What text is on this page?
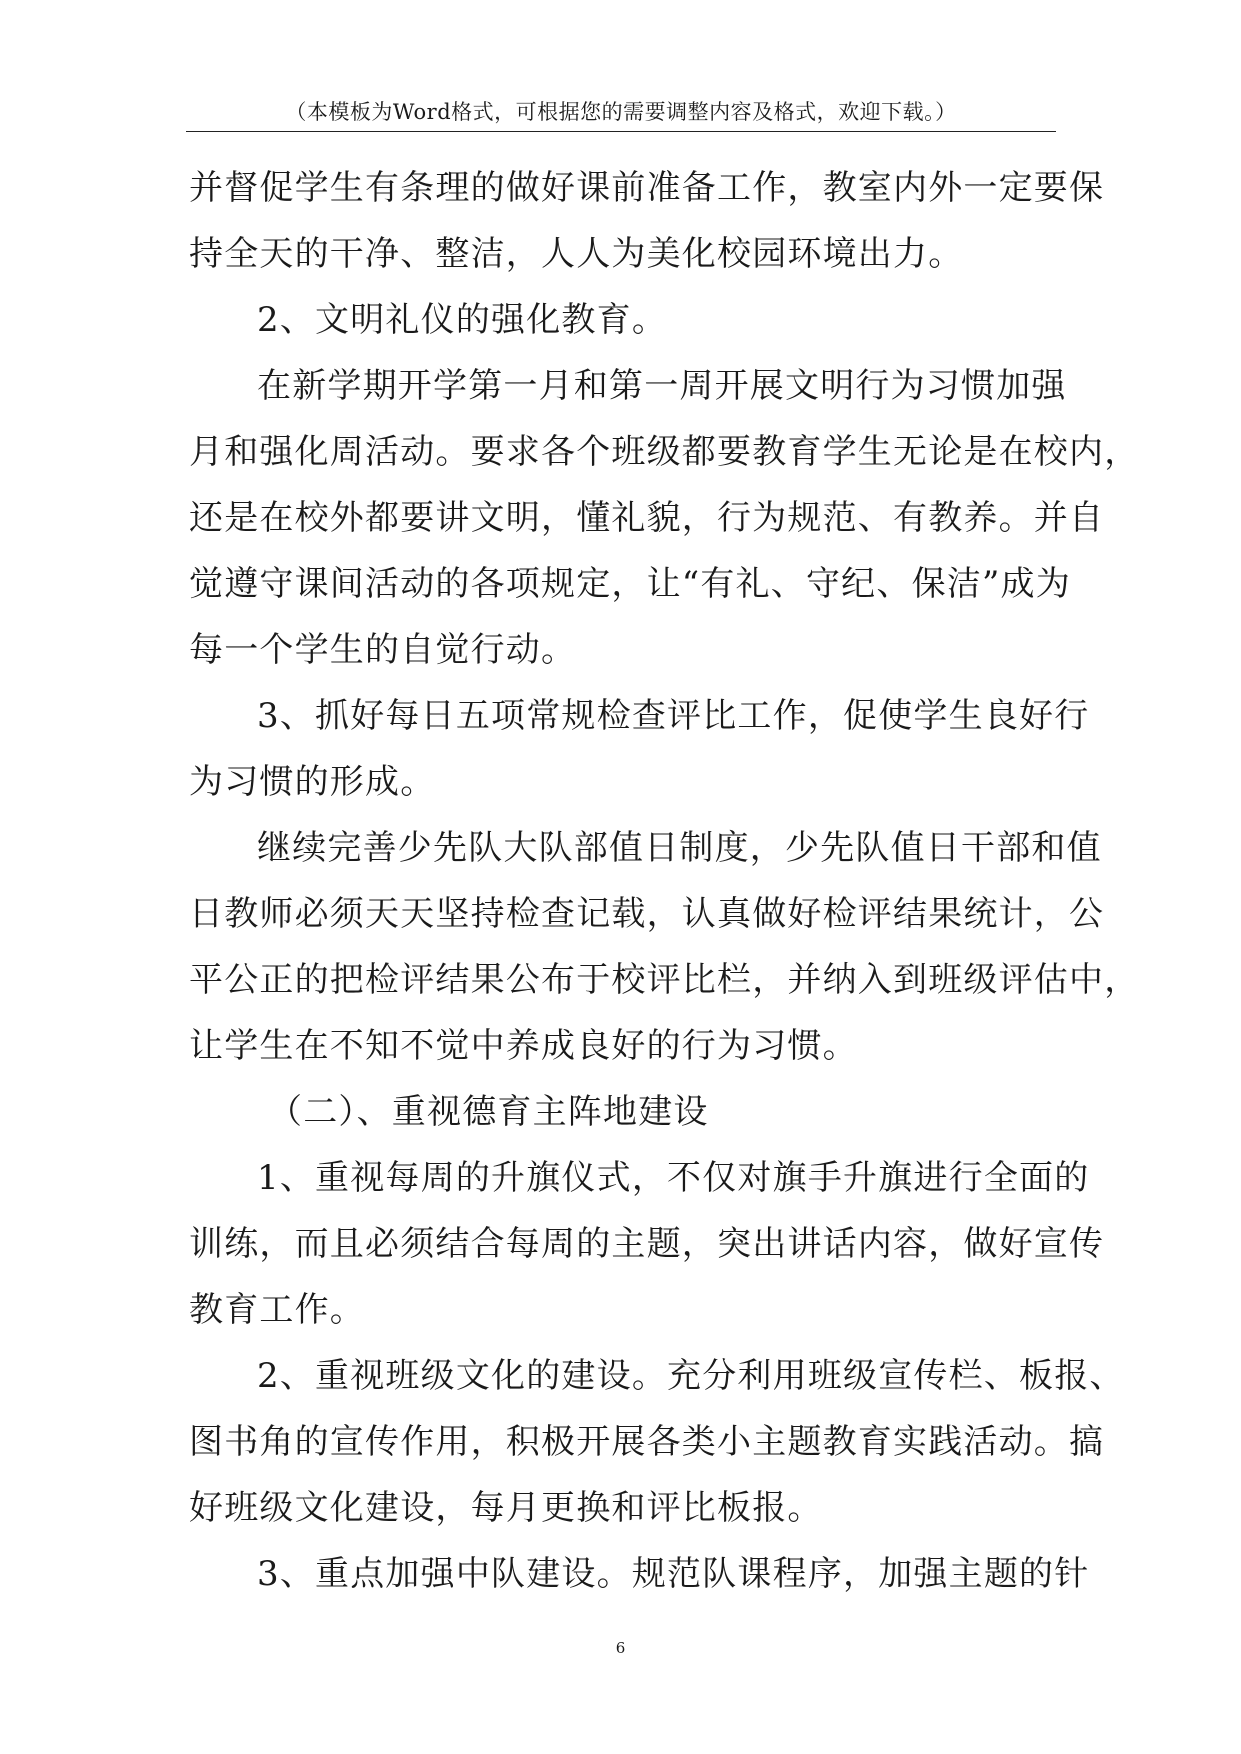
（本模板为Word格式，可根据您的需要调整内容及格式，欢迎下载。）
并督促学生有条理的做好课前准备工作，教室内外一定要保
持全天的干净、整洁，人人为美化校园环境出力。
2、文明礼仪的强化教育。
在新学期开学第一月和第一周开展文明行为习惯加强
月和强化周活动。要求各个班级都要教育学生无论是在校内，
还是在校外都要讲文明，懂礼貌，行为规范、有教养。并自
觉遵守课间活动的各项规定，让“有礼、守纪、保洁”成为
每一个学生的自觉行动。
3、抓好每日五项常规检查评比工作，促使学生良好行
为习惯的形成。
继续完善少先队大队部值日制度，少先队值日干部和值
日教师必须天天坚持检查记载，认真做好检评结果统计，公
平公正的把检评结果公布于校评比栏，并纳入到班级评估中，
让学生在不知不觉中养成良好的行为习惯。
（二）、重视德育主阵地建设
1、重视每周的升旗仪式，不仅对旗手升旗进行全面的
训练，而且必须结合每周的主题，突出讲话内容，做好宣传
教育工作。
2、重视班级文化的建设。充分利用班级宣传栏、板报、
图书角的宣传作用，积极开展各类小主题教育实践活动。搞
好班级文化建设，每月更换和评比板报。
3、重点加强中队建设。规范队课程序，加强主题的针
6
